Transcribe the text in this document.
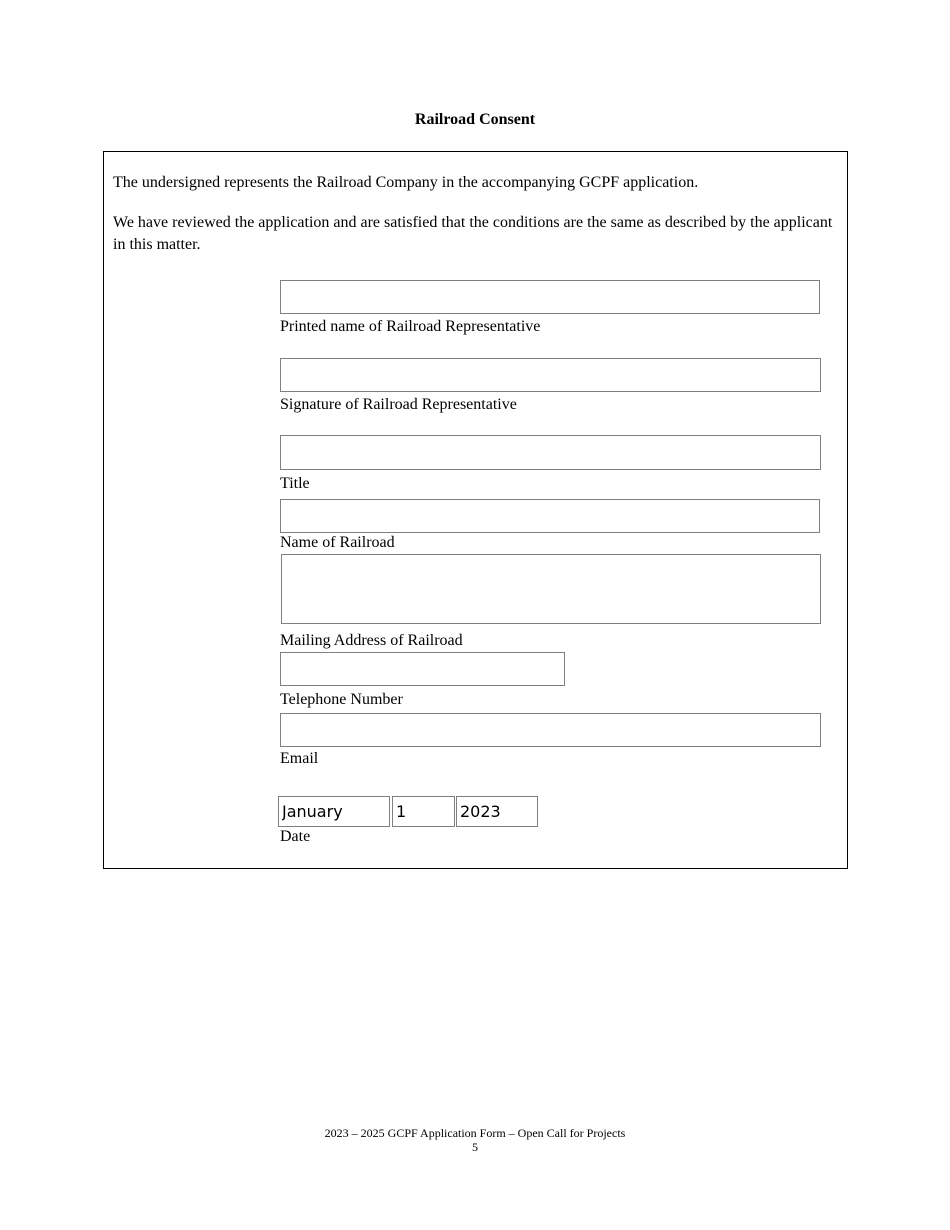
Railroad Consent

The undersigned represents the Railroad Company in the accompanying GCPF application.

We have reviewed the application and are satisfied that the conditions are the same as described by the applicant in this matter.

Printed name of Railroad Representative
Signature of Railroad Representative
Title
Name of Railroad
Mailing Address of Railroad
Telephone Number
Email
January
1
2023
Date
2023 – 2025 GCPF Application Form – Open Call for Projects
5
